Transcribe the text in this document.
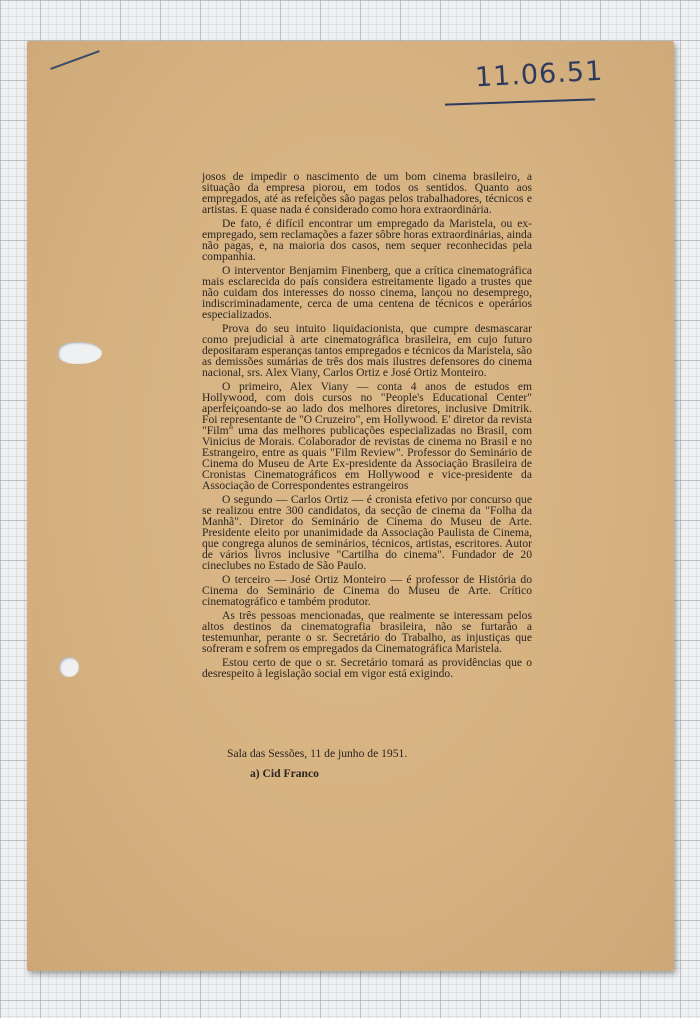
11.06.51

josos de impedir o nascimento de um bom cinema brasileiro, a situação da empresa piorou, em todos os sentidos. Quanto aos empregados, até as refeições são pagas pelos trabalhadores, técnicos e artistas. E quase nada é considerado como hora extraordinária.

De fato, é difícil encontrar um empregado da Maristela, ou ex-empregado, sem reclamações a fazer sôbre horas extraordinárias, ainda não pagas, e, na maioria dos casos, nem sequer reconhecidas pela companhia.

O interventor Benjamim Finenberg, que a crítica cinematográfica mais esclarecida do país considera estreitamente ligado a trustes que não cuidam dos interesses do nosso cinema, lançou no desemprego, indiscriminadamente, cerca de uma centena de técnicos e operários especializados.

Prova do seu intuito liquidacionista, que cumpre desmascarar como prejudicial à arte cinematográfica brasileira, em cujo futuro depositaram esperanças tantos empregados e técnicos da Maristela, são as demissões sumárias de três dos mais ilustres defensores do cinema nacional, srs. Alex Viany, Carlos Ortiz e José Ortiz Monteiro.

O primeiro, Alex Viany — conta 4 anos de estudos em Hollywood, com dois cursos no "People's Educational Center" aperfeiçoando-se ao lado dos melhores diretores, inclusive Dmitrik. Foi representante de "O Cruzeiro", em Hollywood. E' diretor da revista "Film" uma das melhores publicações especializadas no Brasil, com Vinicius de Morais. Colaborador de revistas de cinema no Brasil e no Estrangeiro, entre as quais "Film Review". Professor do Seminário de Cinema do Museu de Arte Ex-presidente da Associação Brasileira de Cronistas Cinematográficos em Hollywood e vice-presidente da Associação de Correspondentes estrangeiros

O segundo — Carlos Ortiz — é cronista efetivo por concurso que se realizou entre 300 candidatos, da secção de cinema da "Folha da Manhã". Diretor do Seminário de Cinema do Museu de Arte. Presidente eleito por unanimidade da Associação Paulista de Cinema, que congrega alunos de seminários, técnicos, artistas, escritores. Autor de vários livros inclusive "Cartilha do cinema". Fundador de 20 cineclubes no Estado de São Paulo.

O terceiro — José Ortiz Monteiro — é professor de História do Cinema do Seminário de Cinema do Museu de Arte. Crítico cinematográfico e também produtor.

As três pessoas mencionadas, que realmente se interessam pelos altos destinos da cinematografia brasileira, não se furtarão a testemunhar, perante o sr. Secretário do Trabalho, as injustiças que sofreram e sofrem os empregados da Cinematográfica Maristela.

Estou certo de que o sr. Secretário tomará as providências que o desrespeito à legislação social em vigor está exigindo.

Sala das Sessões, 11 de junho de 1951.
a) Cid Franco
